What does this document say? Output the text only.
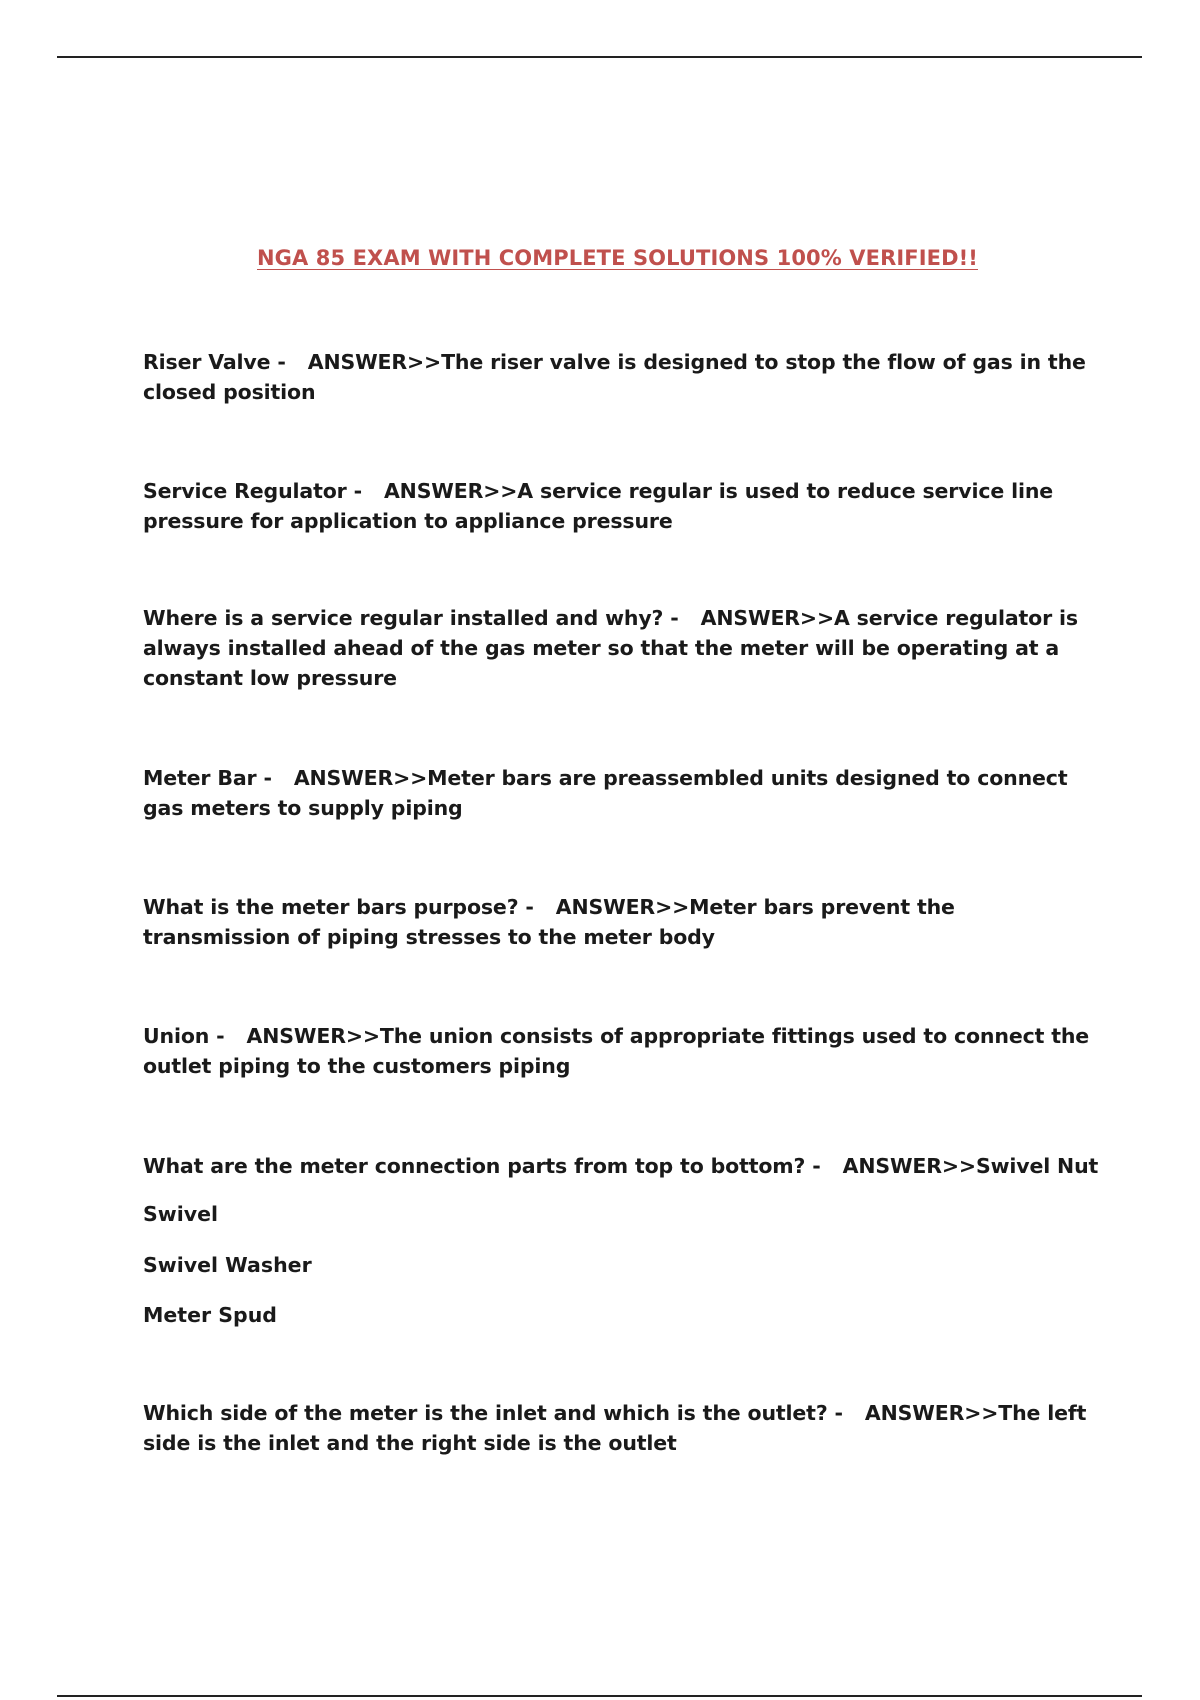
NGA 85 EXAM WITH COMPLETE SOLUTIONS 100% VERIFIED!!
Riser Valve - ANSWER>>The riser valve is designed to stop the flow of gas in the closed position
Service Regulator - ANSWER>>A service regular is used to reduce service line pressure for application to appliance pressure
Where is a service regular installed and why? - ANSWER>>A service regulator is always installed ahead of the gas meter so that the meter will be operating at a constant low pressure
Meter Bar - ANSWER>>Meter bars are preassembled units designed to connect gas meters to supply piping
What is the meter bars purpose? - ANSWER>>Meter bars prevent the transmission of piping stresses to the meter body
Union - ANSWER>>The union consists of appropriate fittings used to connect the outlet piping to the customers piping
What are the meter connection parts from top to bottom? - ANSWER>>Swivel Nut
Swivel
Swivel Washer
Meter Spud
Which side of the meter is the inlet and which is the outlet? - ANSWER>>The left side is the inlet and the right side is the outlet
